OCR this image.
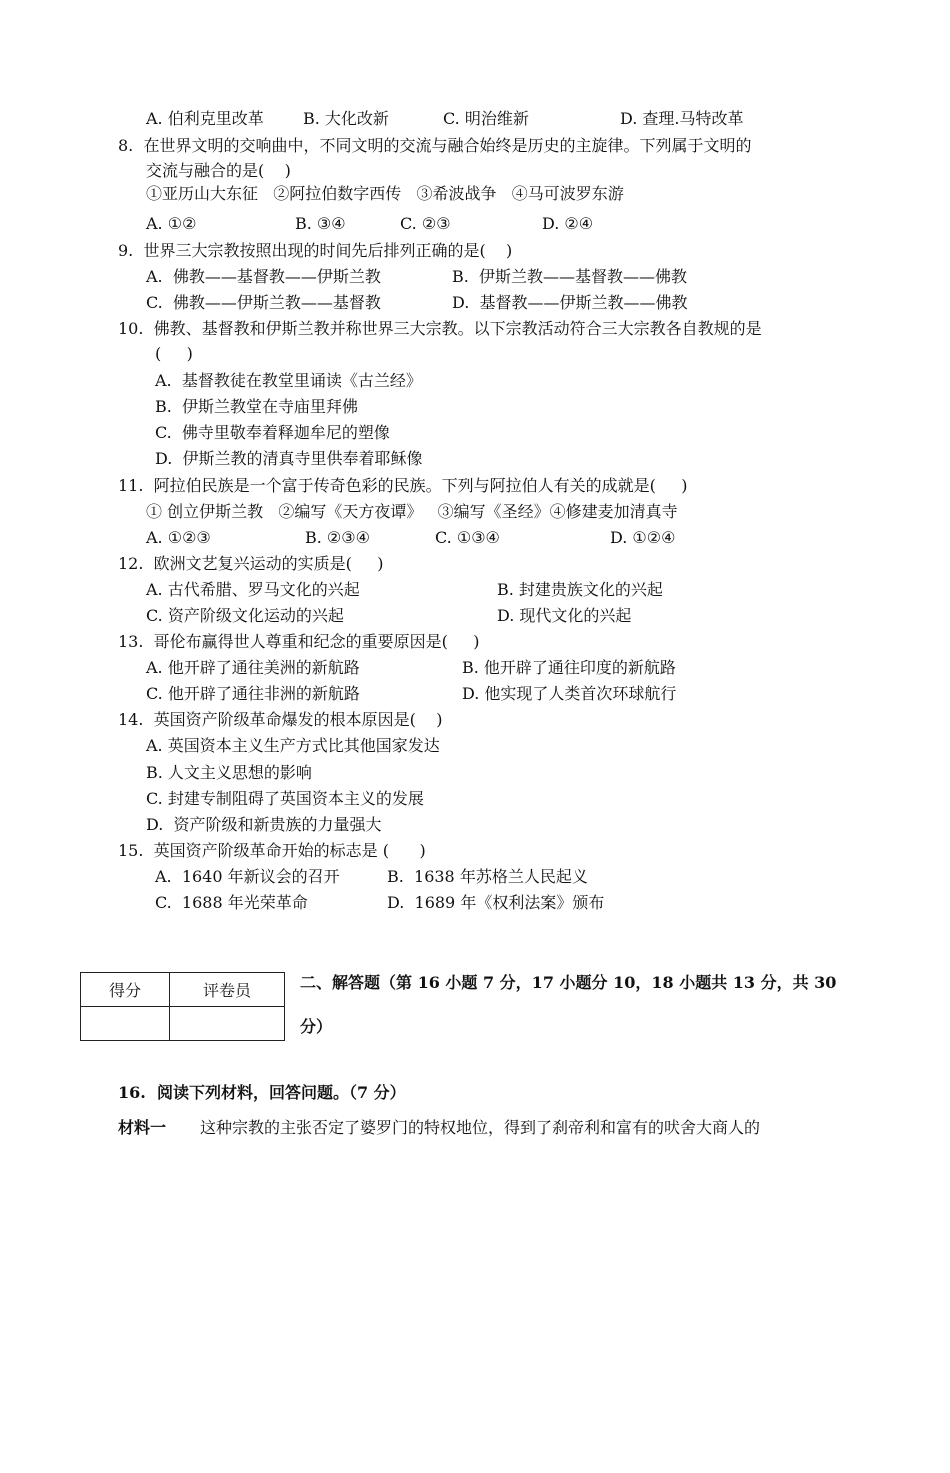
A. 伯利克里改革 B. 大化改新	C. 明治维新	D. 查理.马特改革
8.  在世界文明的交响曲中，不同文明的交流与融合始终是历史的主旋律。下列属于文明的
交流与融合的是(    )
①亚历山大东征   ②阿拉伯数字西传   ③希波战争   ④马可波罗东游
A. ①②	B. ③④	C. ②③	D. ②④
9.  世界三大宗教按照出现的时间先后排列正确的是(    )
A.  佛教——基督教——伊斯兰教	B.  伊斯兰教——基督教——佛教
C.  佛教——伊斯兰教——基督教	D.  基督教——伊斯兰教——佛教
10.  佛教、基督教和伊斯兰教并称世界三大宗教。以下宗教活动符合三大宗教各自教规的是
(     )
A.  基督教徒在教堂里诵读《古兰经》
B.  伊斯兰教堂在寺庙里拜佛
C.  佛寺里敬奉着释迦牟尼的塑像
D.  伊斯兰教的清真寺里供奉着耶稣像
11.  阿拉伯民族是一个富于传奇色彩的民族。下列与阿拉伯人有关的成就是(     )
① 创立伊斯兰教   ②编写《天方夜谭》   ③编写《圣经》④修建麦加清真寺
A. ①②③	B. ②③④	C. ①③④	D. ①②④
12.  欧洲文艺复兴运动的实质是(     )
A. 古代希腊、罗马文化的兴起	B. 封建贵族文化的兴起
C. 资产阶级文化运动的兴起	D. 现代文化的兴起
13.  哥伦布赢得世人尊重和纪念的重要原因是(     )
A. 他开辟了通往美洲的新航路	B. 他开辟了通往印度的新航路
C. 他开辟了通往非洲的新航路	D. 他实现了人类首次环球航行
14.  英国资产阶级革命爆发的根本原因是(    )
A. 英国资本主义生产方式比其他国家发达
B. 人文主义思想的影响
C. 封建专制阻碍了英国资本主义的发展
D.  资产阶级和新贵族的力量强大
15.  英国资产阶级革命开始的标志是 (      )
A.  1640 年新议会的召开	B.  1638 年苏格兰人民起义
C.  1688 年光荣革命	D.  1689 年《权利法案》颁布
得分	评卷员
		二、解答题（第 16 小题 7 分，17 小题分 10，18 小题共 13 分，共 30
分）
16.  阅读下列材料，回答问题。（7 分）
材料一 这种宗教的主张否定了婆罗门的特权地位，得到了刹帝利和富有的吠舍大商人的
